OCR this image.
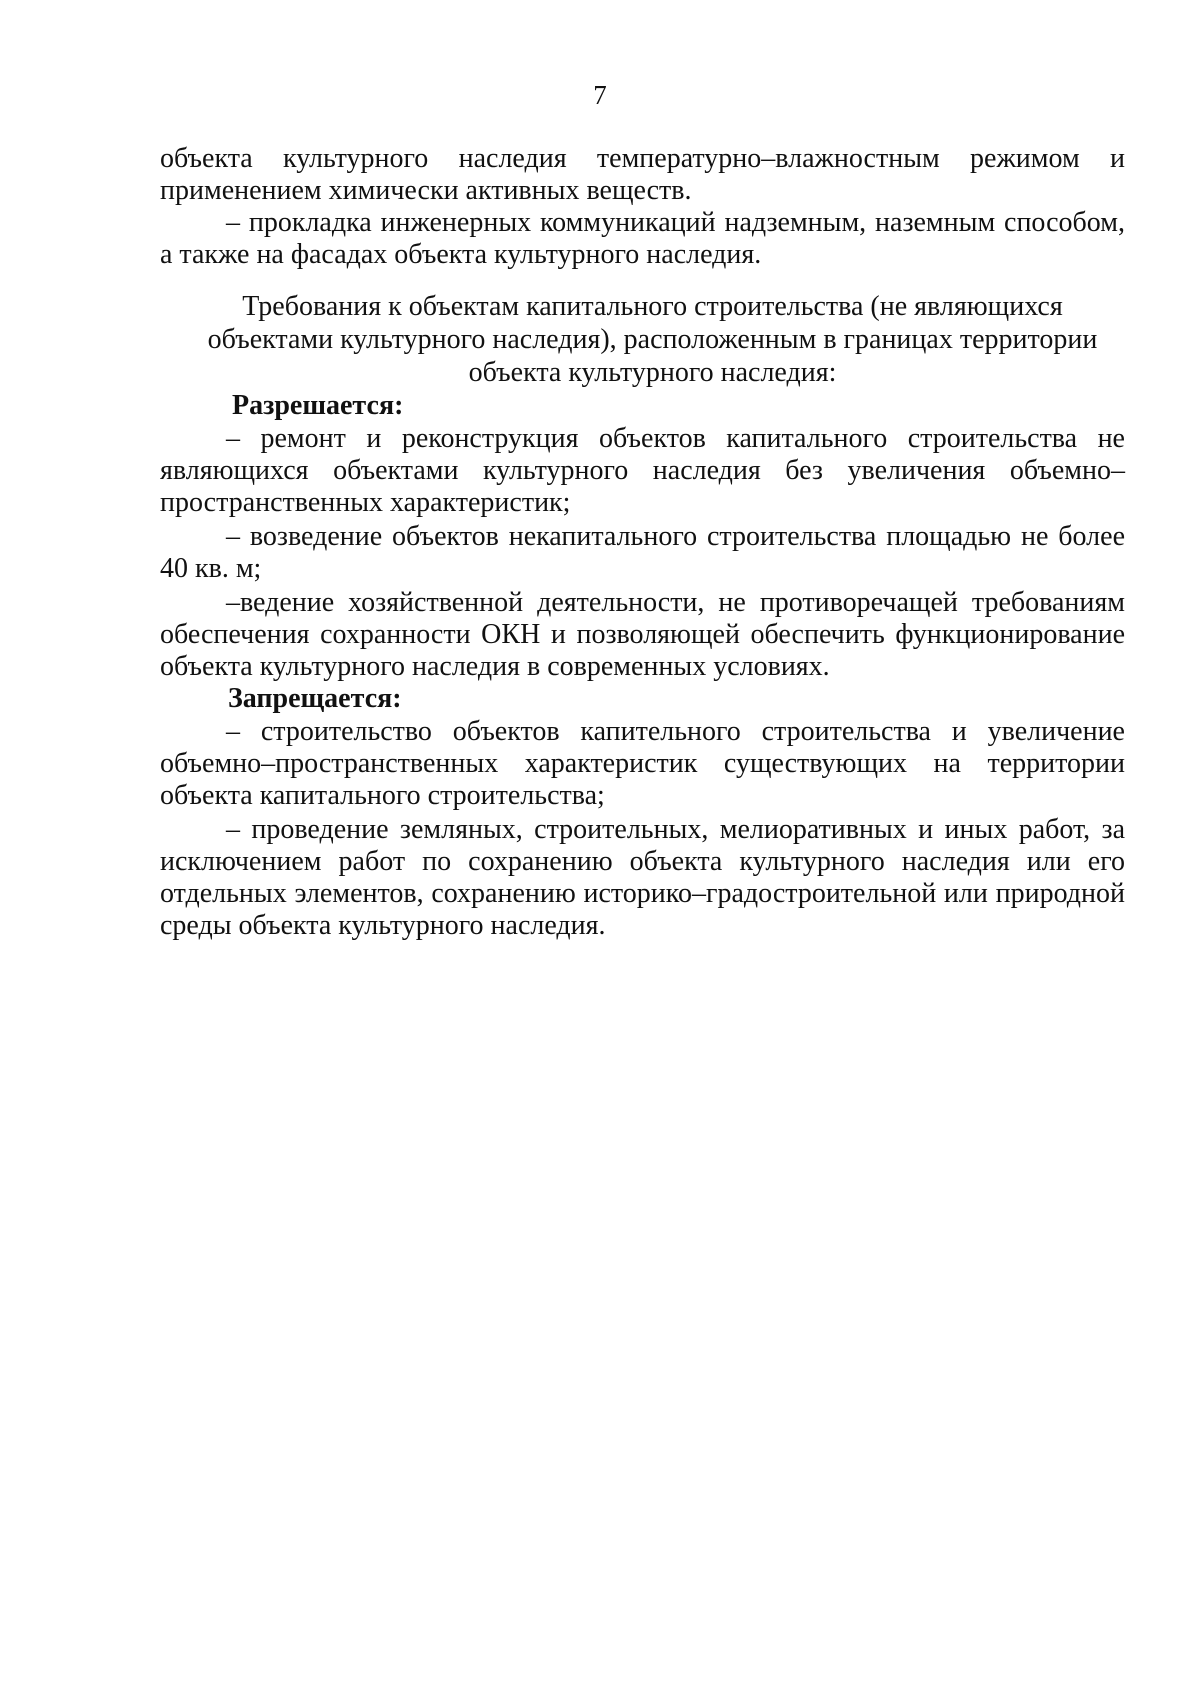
7
объекта культурного наследия температурно–влажностным режимом и
применением химически активных веществ.

– прокладка инженерных коммуникаций надземным, наземным способом, а также на фасадах объекта культурного наследия.

Требования к объектам капитального строительства (не являющихся объектами культурного наследия), расположенным в границах территории объекта культурного наследия:
Разрешается:

– ремонт и реконструкция объектов капитального строительства не являющихся объектами культурного наследия без увеличения объемно–пространственных характеристик;

– возведение объектов некапитального строительства площадью не более 40 кв. м;

–ведение хозяйственной деятельности, не противоречащей требованиям обеспечения сохранности ОКН и позволяющей обеспечить функционирование объекта культурного наследия в современных условиях.

Запрещается:

– строительство объектов капительного строительства и увеличение объемно–пространственных характеристик существующих на территории объекта капитального строительства;

– проведение земляных, строительных, мелиоративных и иных работ, за исключением работ по сохранению объекта культурного наследия или его отдельных элементов, сохранению историко–градостроительной или природной среды объекта культурного наследия.
